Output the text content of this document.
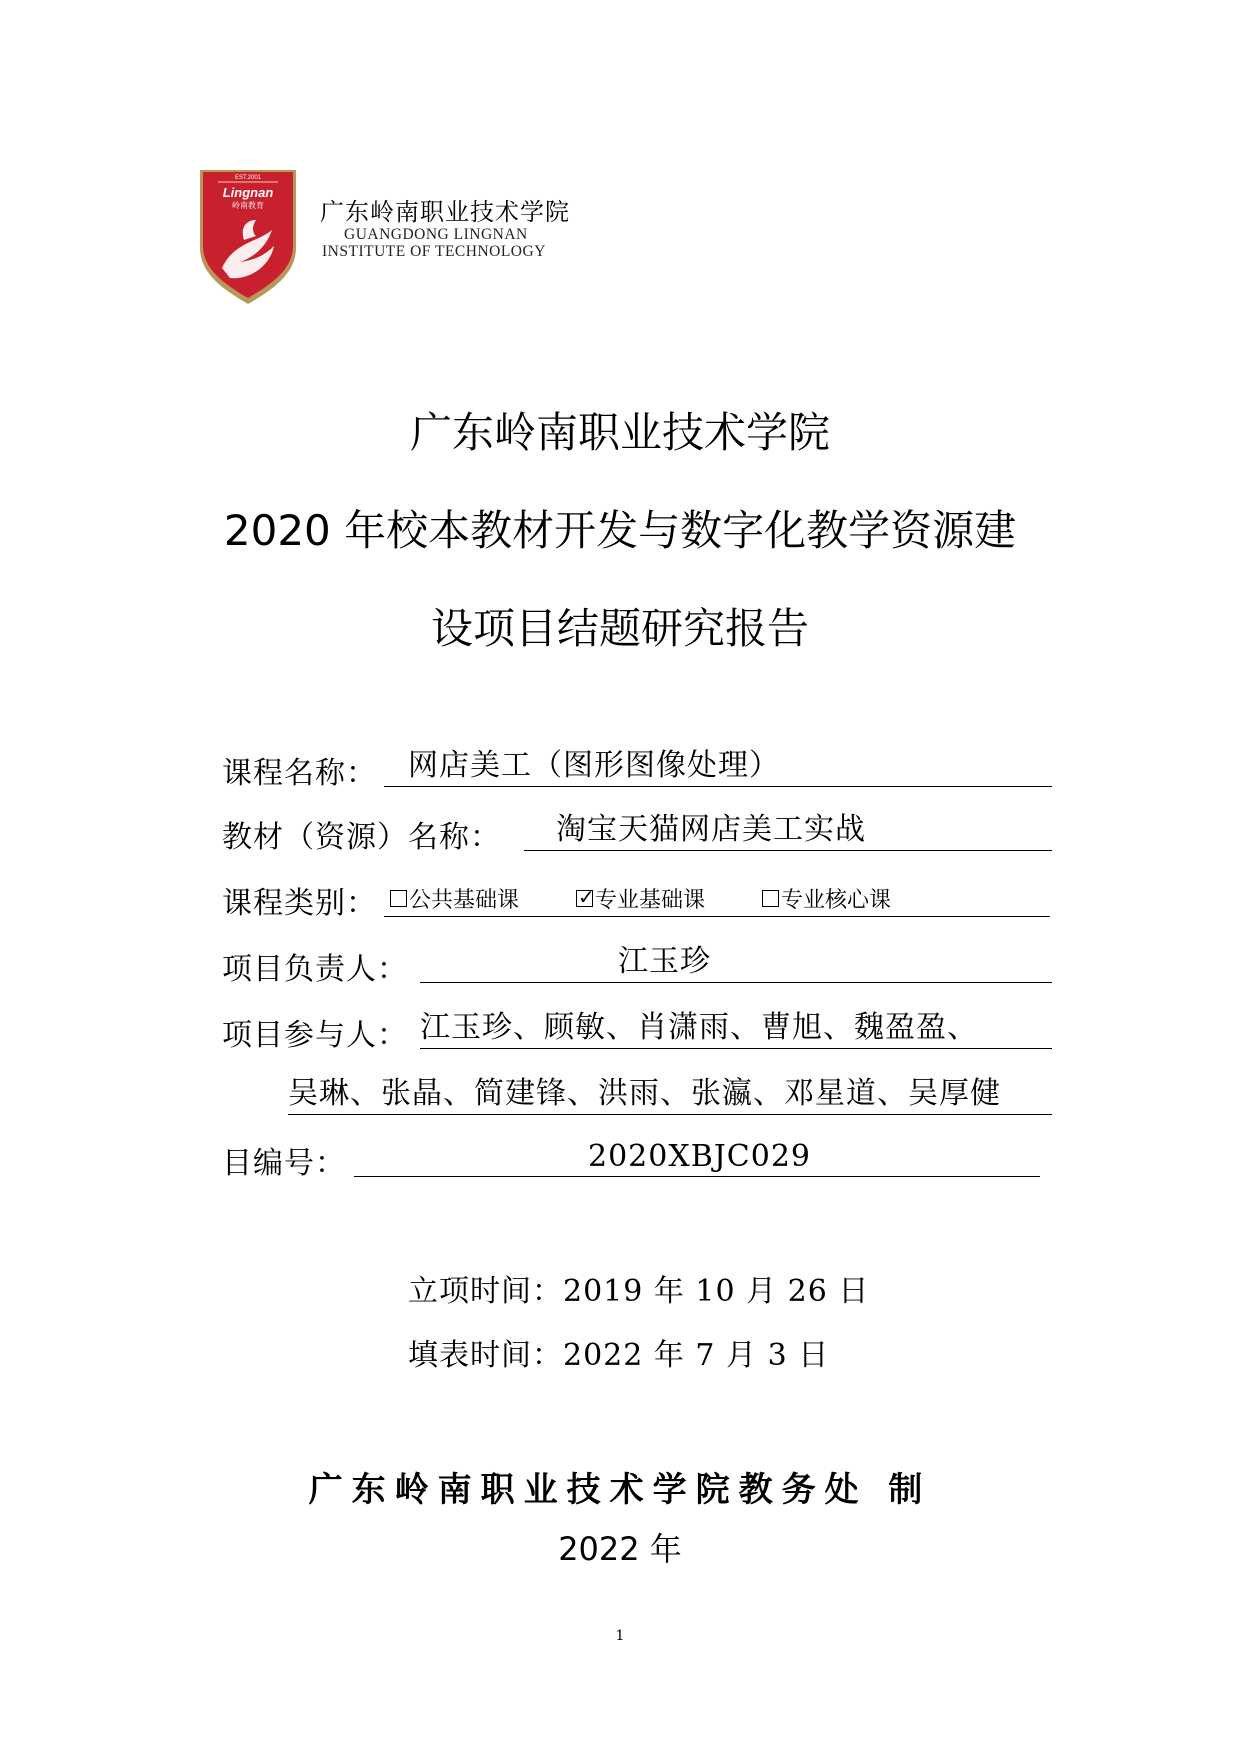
EST.2001
Lingnan
岭南教育 广东岭南职业技术学院
GUANGDONG LINGNAN
INSTITUTE OF TECHNOLOGY
广东岭南职业技术学院
2020 年校本教材开发与数字化教学资源建
设项目结题研究报告
课程名称： 网店美工（图形图像处理）
教材（资源）名称： 淘宝天猫网店美工实战
课程类别： 公共基础课
✓	专业基础课	专业核心课
项目负责人：	江玉珍
项目参与人： 江玉珍、顾敏、肖潇雨、曹旭、魏盈盈、
吴琳、张晶、简建锋、洪雨、张瀛、邓星道、吴厚健
目编号：	2020XBJC029
立项时间：2019 年 10 月 26 日
填表时间：2022 年 7 月 3 日
广东岭南职业技术学院教务处 制
2022 年
1
